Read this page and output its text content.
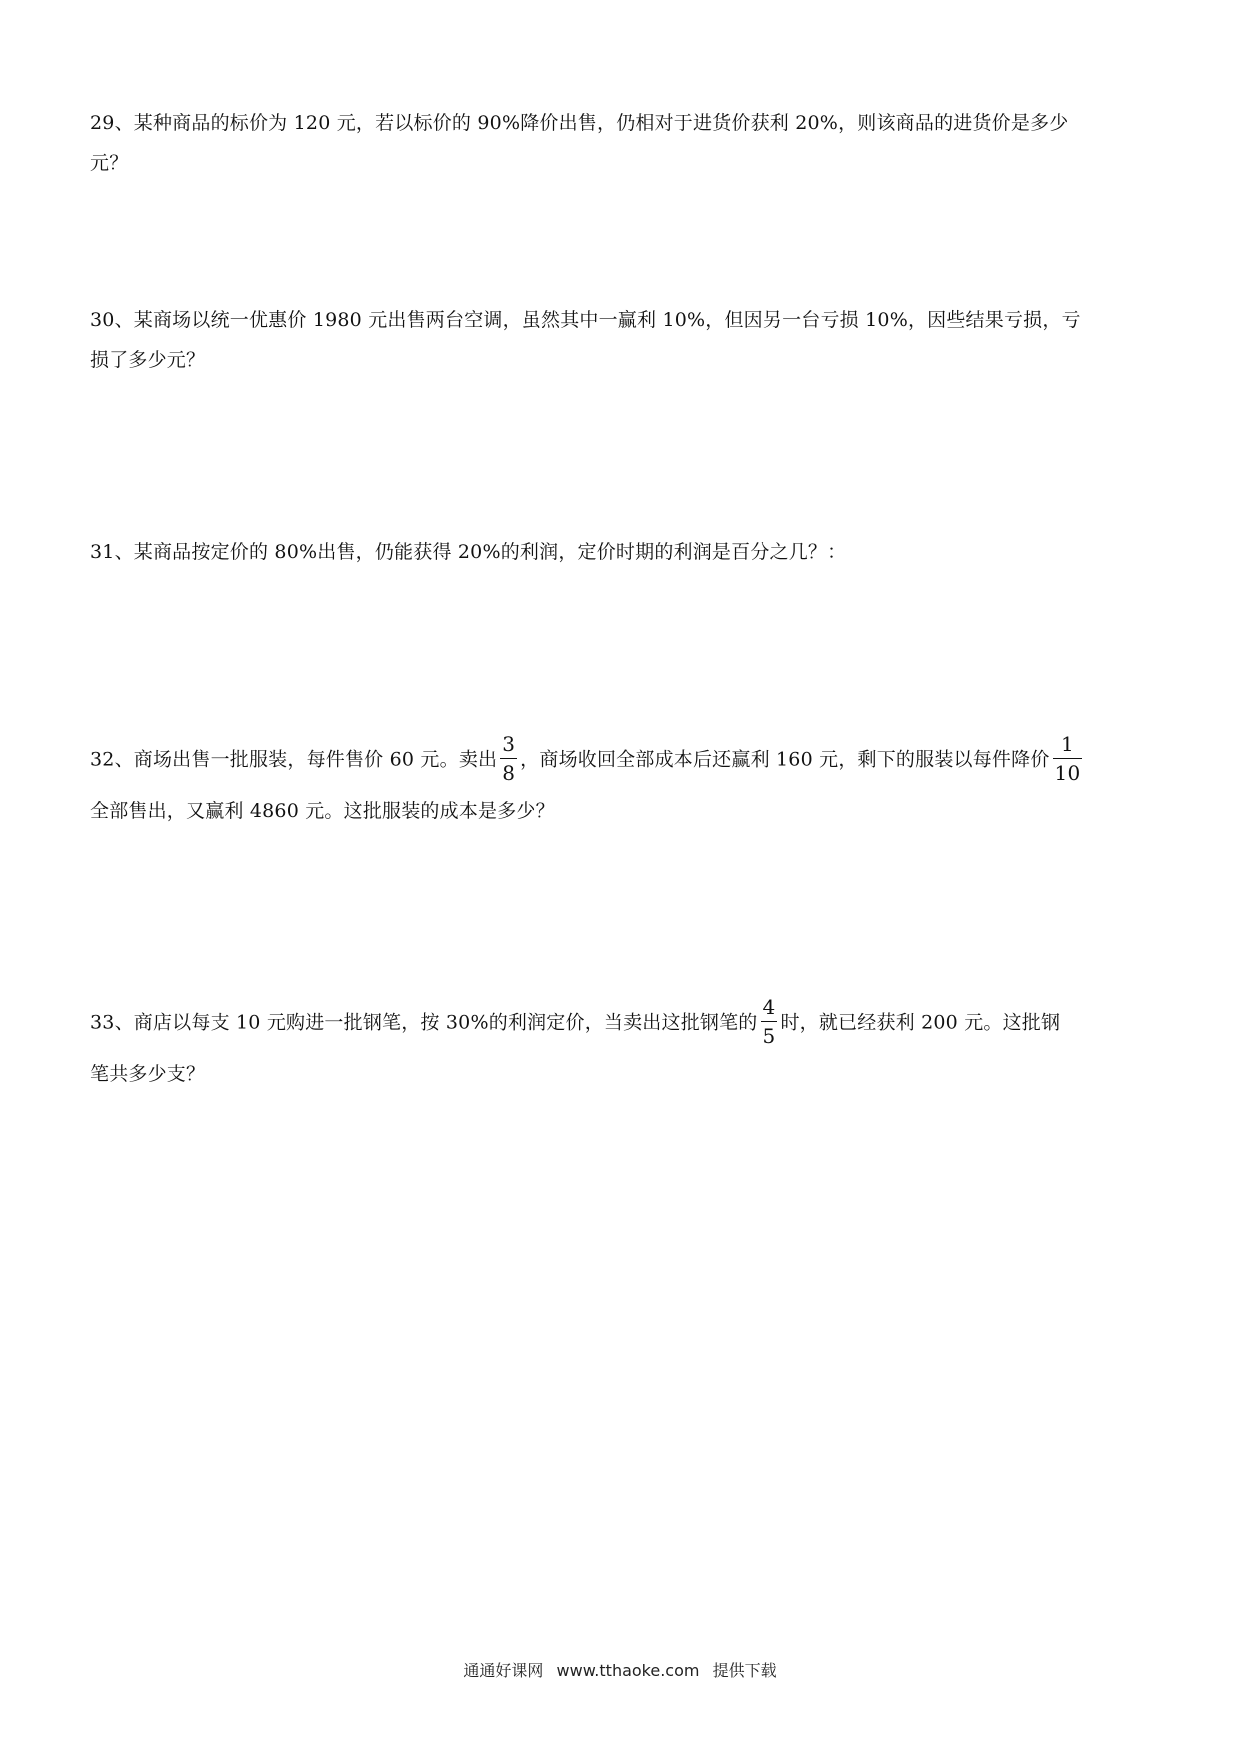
29、某种商品的标价为 120 元，若以标价的 90%降价出售，仍相对于进货价获利 20%，则该商品的进货价是多少
元？
30、某商场以统一优惠价 1980 元出售两台空调，虽然其中一赢利 10%，但因另一台亏损 10%，因些结果亏损，亏
损了多少元？
31、某商品按定价的 80%出售，仍能获得 20%的利润，定价时期的利润是百分之几？：
32、商场出售一批服装，每件售价 60 元。卖出 $\frac{3}{8}$ ，商场收回全部成本后还赢利 160 元，剩下的服装以每件降价 $\frac{1}{10}$
全部售出，又赢利 4860 元。这批服装的成本是多少？
33、商店以每支 10 元购进一批钢笔，按 30%的利润定价，当卖出这批钢笔的 $\frac{4}{5}$ 时，就已经获利 200 元。这批钢
笔共多少支？
通通好课网 www.tthaoke.com 提供下载
